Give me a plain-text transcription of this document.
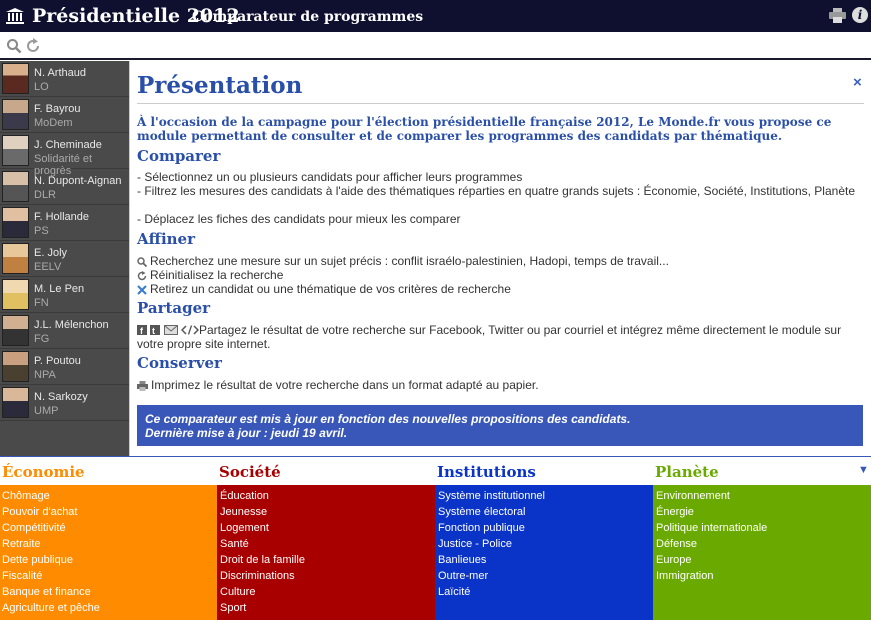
Présidentielle 2012
Comparateur de programmes	i
N. Arthaud
LO
F. Bayrou
MoDem
J. Cheminade
Solidarité et progrès
N. Dupont-Aignan
DLR
F. Hollande
PS
E. Joly
EELV
M. Le Pen
FN
J.L. Mélenchon
FG
P. Poutou
NPA
N. Sarkozy
UMP
×
Présentation
À l'occasion de la campagne pour l'élection présidentielle française 2012, Le Monde.fr vous propose ce module permettant de consulter et de comparer les programmes des candidats par thématique.
Comparer
- Sélectionnez un ou plusieurs candidats pour afficher leurs programmes
- Filtrez les mesures des candidats à l'aide des thématiques réparties en quatre grands sujets : Économie, Société, Institutions, Planète
- Déplacez les fiches des candidats pour mieux les comparer
Affiner
Recherchez une mesure sur un sujet précis : conflit israélo-palestinien, Hadopi, temps de travail...
Réinitialisez la recherche
Retirez un candidat ou une thématique de vos critères de recherche
Partager
Partagez le résultat de votre recherche sur Facebook, Twitter ou par courriel et intégrez même directement le module sur votre propre site internet.
f
t

Conserver
Imprimez le résultat de votre recherche dans un format adapté au papier.
Ce comparateur est mis à jour en fonction des nouvelles propositions des candidats.
Dernière mise à jour : jeudi 19 avril.
Économie
Chômage
Pouvoir d'achat
Compétitivité
Retraite
Dette publique
Fiscalité
Banque et finance
Agriculture et pêche
Société
Éducation
Jeunesse
Logement
Santé
Droit de la famille
Discriminations
Culture
Sport
Institutions
Système institutionnel
Système électoral
Fonction publique
Justice - Police
Banlieues
Outre-mer
Laïcité
Planète
Environnement
Énergie
Politique internationale
Défense
Europe
Immigration
▼
